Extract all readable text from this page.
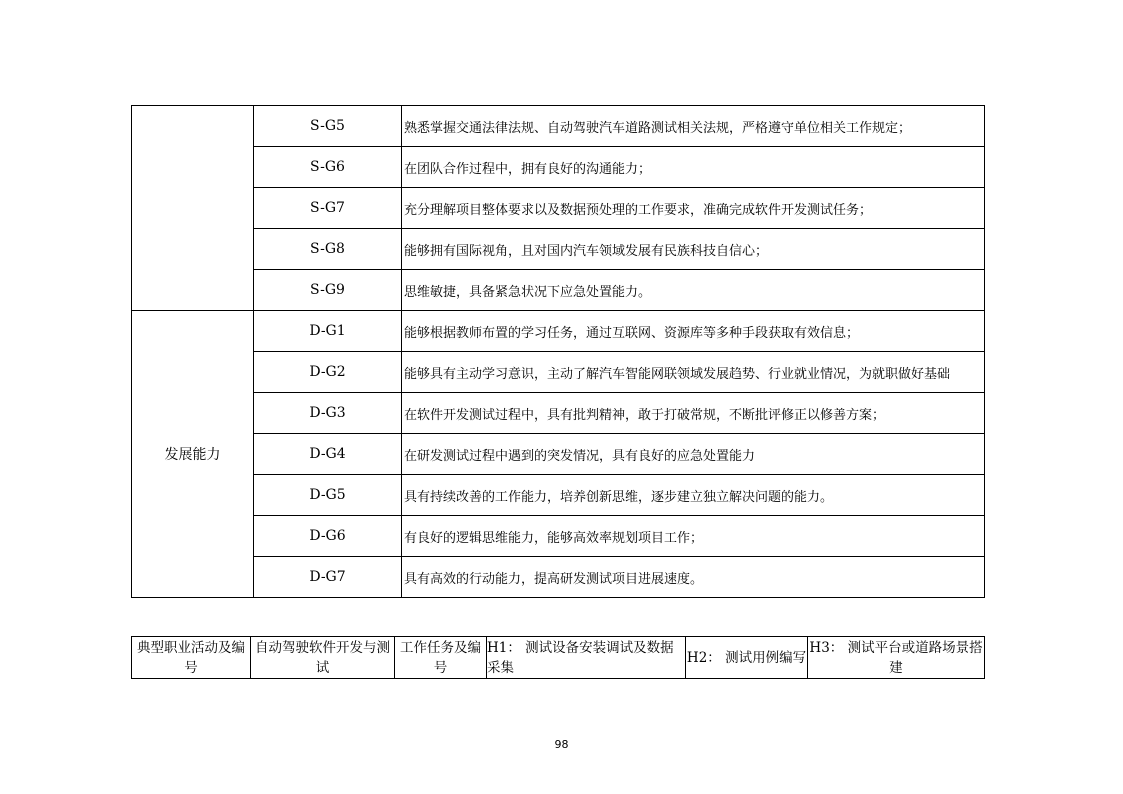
	S-G5	熟悉掌握交通法律法规、自动驾驶汽车道路测试相关法规，严格遵守单位相关工作规定；
	S-G6	在团队合作过程中，拥有良好的沟通能力；
	S-G7	充分理解项目整体要求以及数据预处理的工作要求，准确完成软件开发测试任务；
	S-G8	能够拥有国际视角，且对国内汽车领域发展有民族科技自信心；
	S-G9	思维敏捷，具备紧急状况下应急处置能力。
发展能力	D-G1	能够根据教师布置的学习任务，通过互联网、资源库等多种手段获取有效信息；
	D-G2	能够具有主动学习意识，主动了解汽车智能网联领域发展趋势、行业就业情况，为就职做好基础
	D-G3	在软件开发测试过程中，具有批判精神，敢于打破常规，不断批评修正以修善方案；
	D-G4	在研发测试过程中遇到的突发情况，具有良好的应急处置能力
	D-G5	具有持续改善的工作能力，培养创新思维，逐步建立独立解决问题的能力。
	D-G6	有良好的逻辑思维能力，能够高效率规划项目工作；
	D-G7	具有高效的行动能力，提高研发测试项目进展速度。
典型职业活动及编号	自动驾驶软件开发与测试	工作任务及编号	H1： 测试设备安装调试及数据采集	H2： 测试用例编写	H3： 测试平台或道路场景搭建
98
